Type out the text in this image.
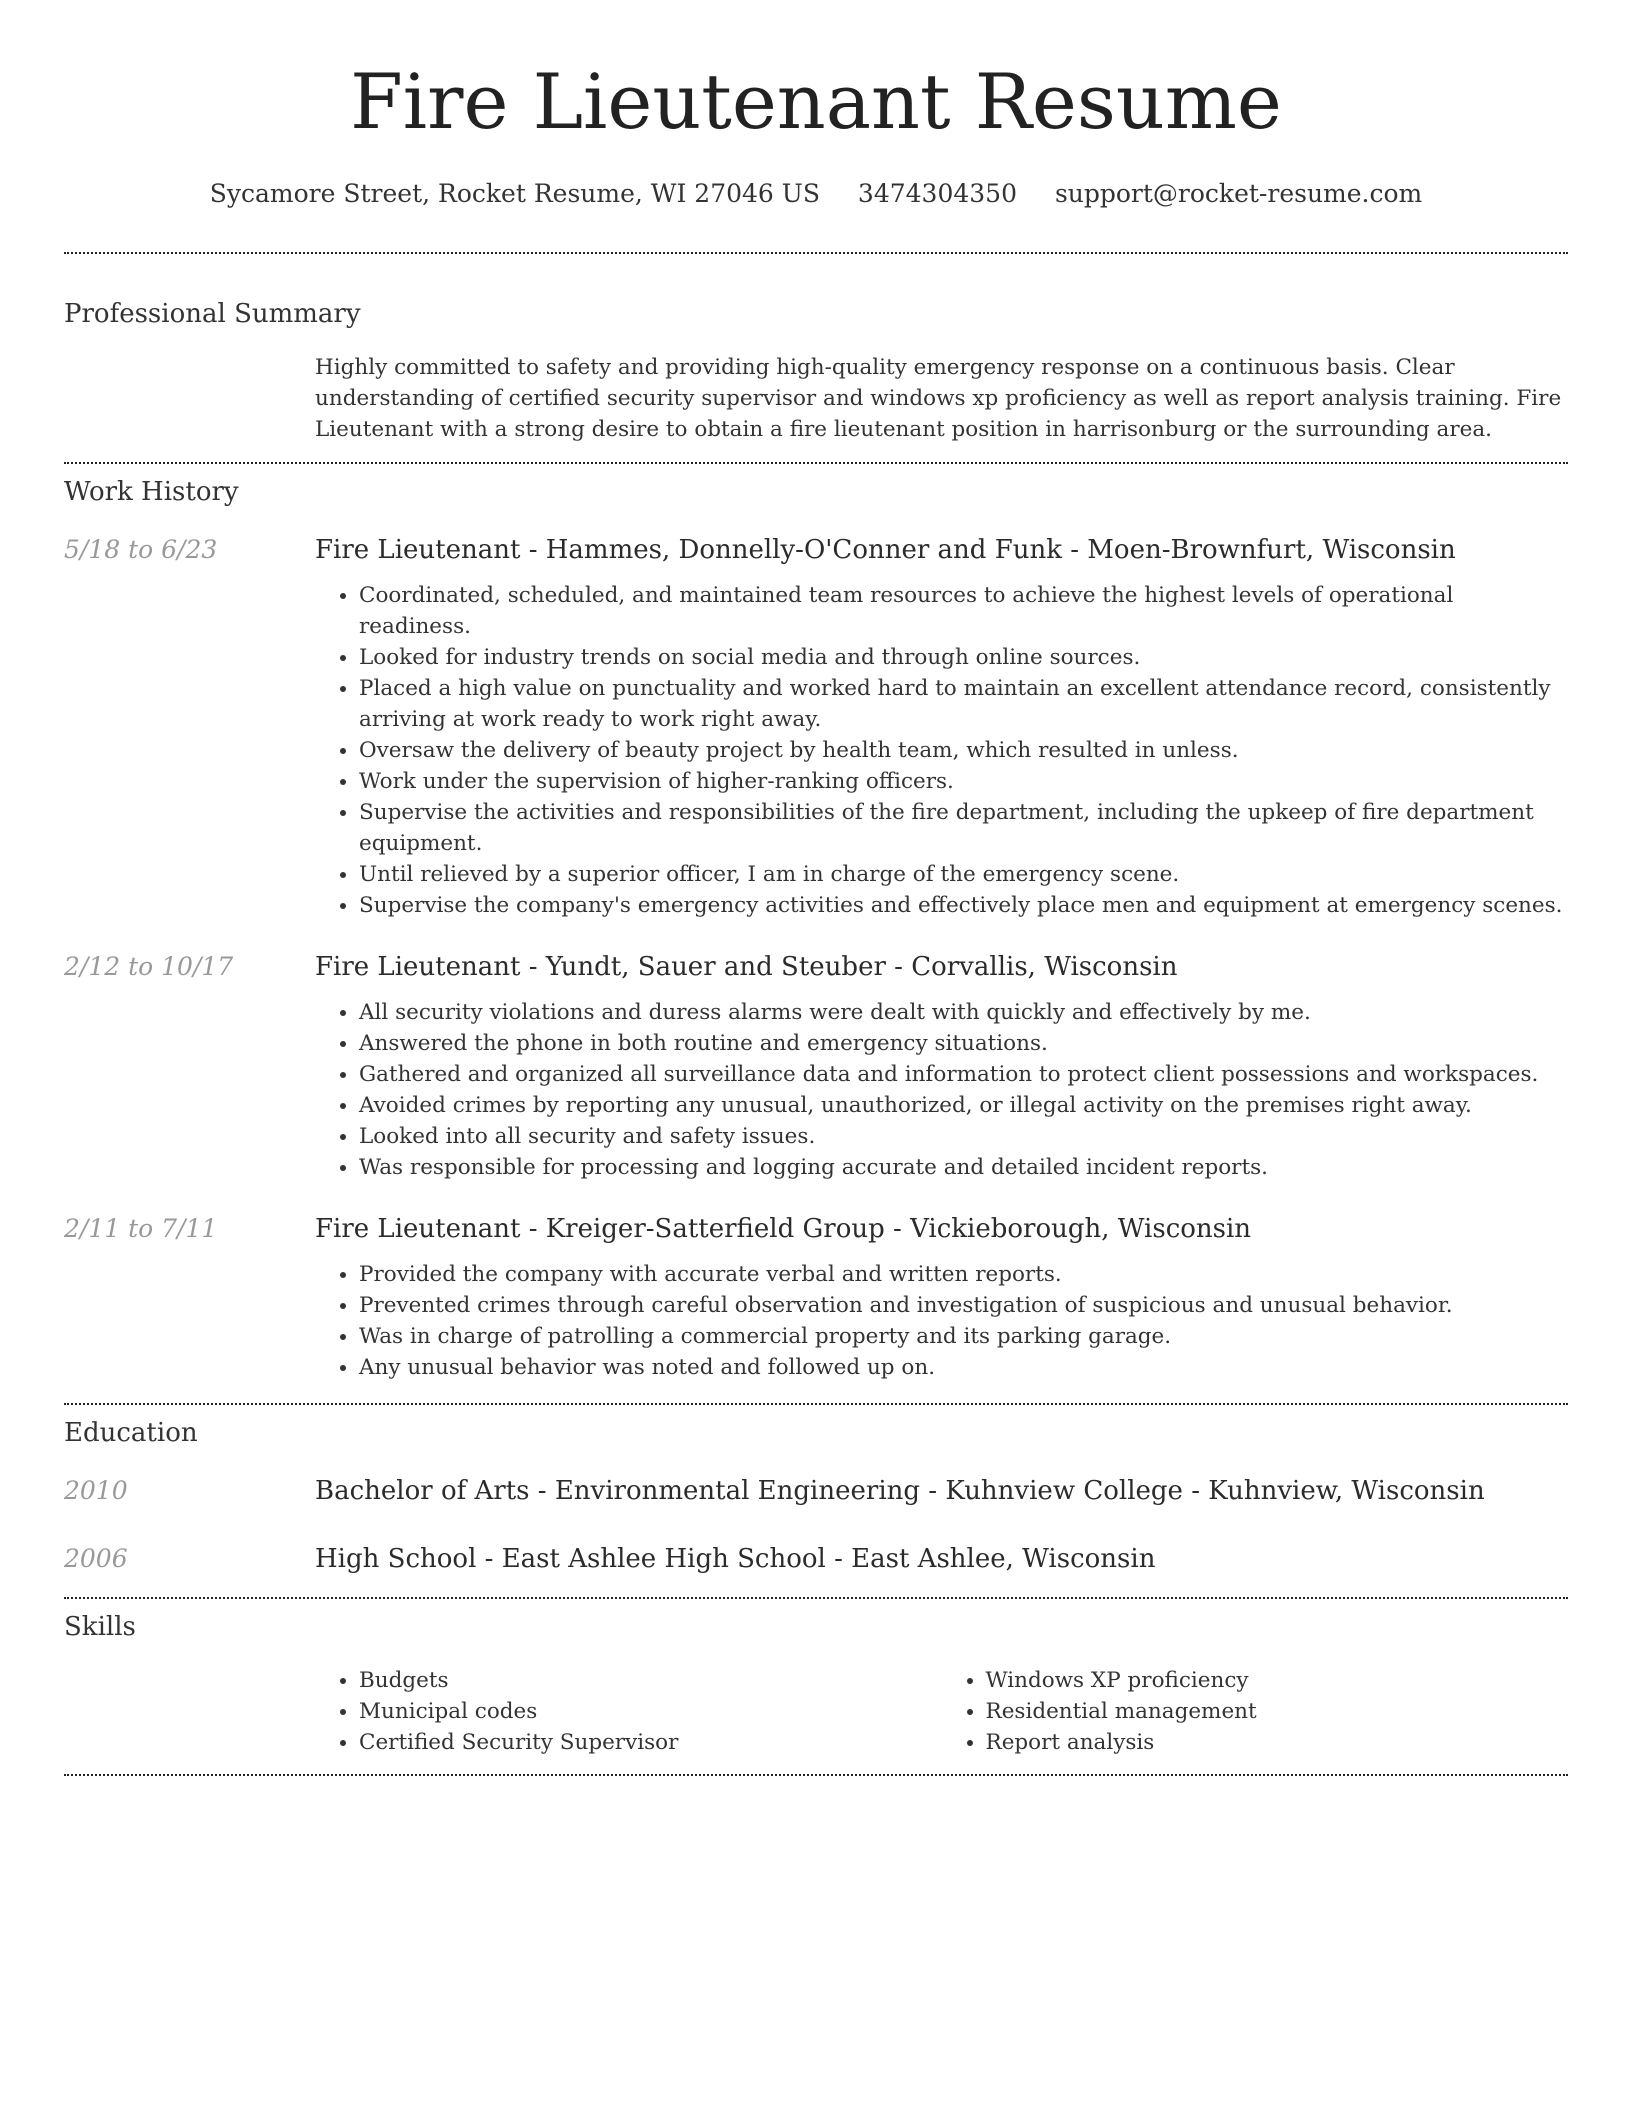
Fire Lieutenant Resume
Sycamore Street, Rocket Resume, WI 27046 US 3474304350 support@rocket-resume.com
Professional Summary

Highly committed to safety and providing high-quality emergency response on a continuous basis. Clear understanding of certified security supervisor and windows xp proficiency as well as report analysis training. Fire Lieutenant with a strong desire to obtain a fire lieutenant position in harrisonburg or the surrounding area.

Work History
5/18 to 6/23	Fire Lieutenant - Hammes, Donnelly-O'Conner and Funk - Moen-Brownfurt, Wisconsin
• Coordinated, scheduled, and maintained team resources to achieve the highest levels of operational readiness.
• Looked for industry trends on social media and through online sources.
• Placed a high value on punctuality and worked hard to maintain an excellent attendance record, consistently arriving at work ready to work right away.
• Oversaw the delivery of beauty project by health team, which resulted in unless.
• Work under the supervision of higher-ranking officers.
• Supervise the activities and responsibilities of the fire department, including the upkeep of fire department equipment.
• Until relieved by a superior officer, I am in charge of the emergency scene.
• Supervise the company's emergency activities and effectively place men and equipment at emergency scenes.
2/12 to 10/17	Fire Lieutenant - Yundt, Sauer and Steuber - Corvallis, Wisconsin
• All security violations and duress alarms were dealt with quickly and effectively by me.
• Answered the phone in both routine and emergency situations.
• Gathered and organized all surveillance data and information to protect client possessions and workspaces.
• Avoided crimes by reporting any unusual, unauthorized, or illegal activity on the premises right away.
• Looked into all security and safety issues.
• Was responsible for processing and logging accurate and detailed incident reports.
2/11 to 7/11	Fire Lieutenant - Kreiger-Satterfield Group - Vickieborough, Wisconsin
• Provided the company with accurate verbal and written reports.
• Prevented crimes through careful observation and investigation of suspicious and unusual behavior.
• Was in charge of patrolling a commercial property and its parking garage.
• Any unusual behavior was noted and followed up on.
Education
2010	Bachelor of Arts - Environmental Engineering - Kuhnview College - Kuhnview, Wisconsin
2006	High School - East Ashlee High School - East Ashlee, Wisconsin
Skills
• Budgets
• Municipal codes
• Certified Security Supervisor
• Windows XP proficiency
• Residential management
• Report analysis
